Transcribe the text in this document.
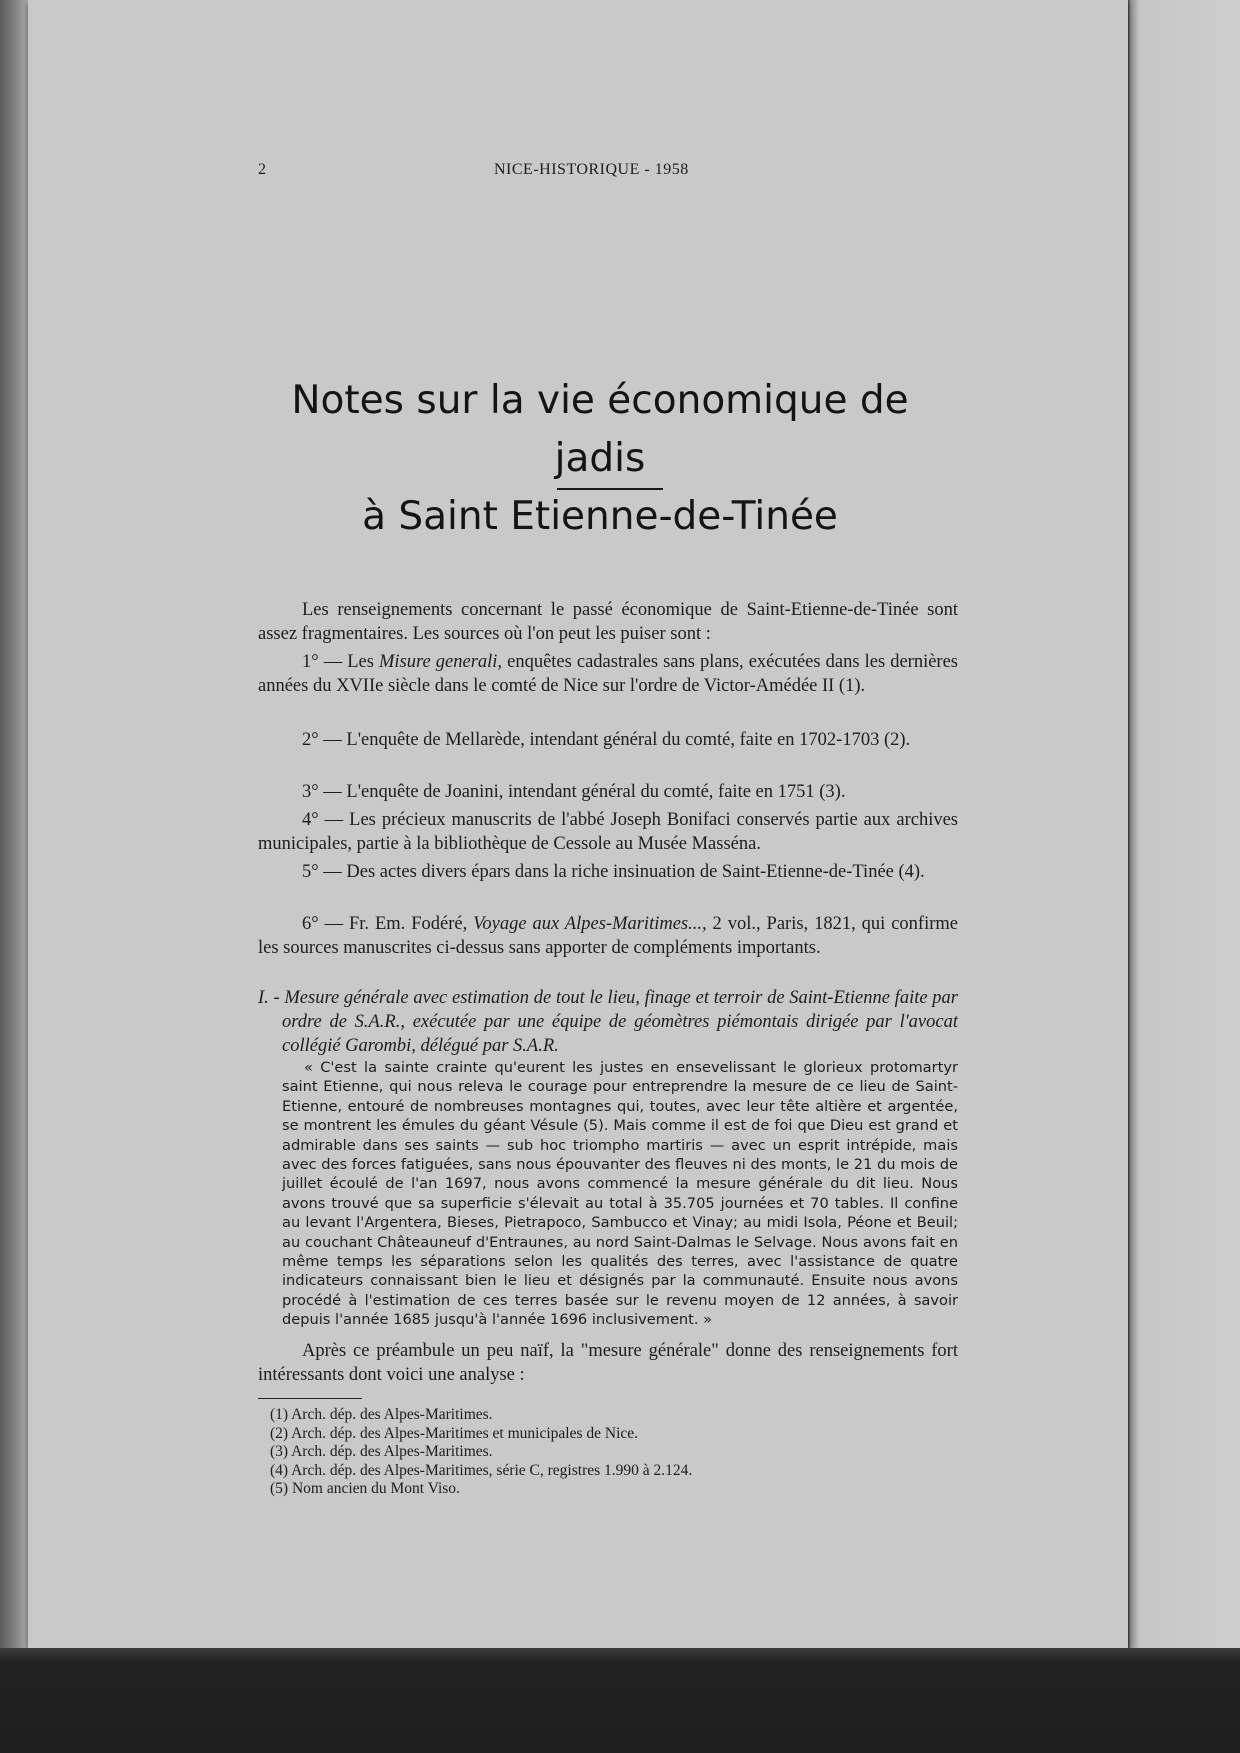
2	NICE-HISTORIQUE - 1958
Notes sur la vie économique de jadis
à Saint Etienne-de-Tinée

Les renseignements concernant le passé économique de Saint-Etienne-de-Tinée sont assez fragmentaires. Les sources où l'on peut les puiser sont :

1° — Les Misure generali, enquêtes cadastrales sans plans, exécutées dans les dernières années du XVIIe siècle dans le comté de Nice sur l'ordre de Victor-Amédée II (1).

2° — L'enquête de Mellarède, intendant général du comté, faite en 1702-1703 (2).

3° — L'enquête de Joanini, intendant général du comté, faite en 1751 (3).

4° — Les précieux manuscrits de l'abbé Joseph Bonifaci conservés partie aux archives municipales, partie à la bibliothèque de Cessole au Musée Masséna.

5° — Des actes divers épars dans la riche insinuation de Saint-Etienne-de-Tinée (4).

6° — Fr. Em. Fodéré, Voyage aux Alpes-Maritimes..., 2 vol., Paris, 1821, qui confirme les sources manuscrites ci-dessus sans apporter de compléments importants.

I. - Mesure générale avec estimation de tout le lieu, finage et terroir de Saint-Etienne faite par ordre de S.A.R., exécutée par une équipe de géomètres piémontais dirigée par l'avocat collégié Garombi, délégué par S.A.R.

« C'est la sainte crainte qu'eurent les justes en ensevelissant le glorieux protomartyr saint Etienne, qui nous releva le courage pour entreprendre la mesure de ce lieu de Saint-Etienne, entouré de nombreuses montagnes qui, toutes, avec leur tête altière et argentée, se montrent les émules du géant Vésule (5). Mais comme il est de foi que Dieu est grand et admirable dans ses saints — sub hoc triompho martiris — avec un esprit intrépide, mais avec des forces fatiguées, sans nous épouvanter des fleuves ni des monts, le 21 du mois de juillet écoulé de l'an 1697, nous avons commencé la mesure générale du dit lieu. Nous avons trouvé que sa superficie s'élevait au total à 35.705 journées et 70 tables. Il confine au levant l'Argentera, Bieses, Pietrapoco, Sambucco et Vinay; au midi Isola, Péone et Beuil; au couchant Châteauneuf d'Entraunes, au nord Saint-Dalmas le Selvage. Nous avons fait en même temps les séparations selon les qualités des terres, avec l'assistance de quatre indicateurs connaissant bien le lieu et désignés par la communauté. Ensuite nous avons procédé à l'estimation de ces terres basée sur le revenu moyen de 12 années, à savoir depuis l'année 1685 jusqu'à l'année 1696 inclusivement. »

Après ce préambule un peu naïf, la "mesure générale" donne des renseignements fort intéressants dont voici une analyse :

(1) Arch. dép. des Alpes-Maritimes.
(2) Arch. dép. des Alpes-Maritimes et municipales de Nice.
(3) Arch. dép. des Alpes-Maritimes.
(4) Arch. dép. des Alpes-Maritimes, série C, registres 1.990 à 2.124.
(5) Nom ancien du Mont Viso.
